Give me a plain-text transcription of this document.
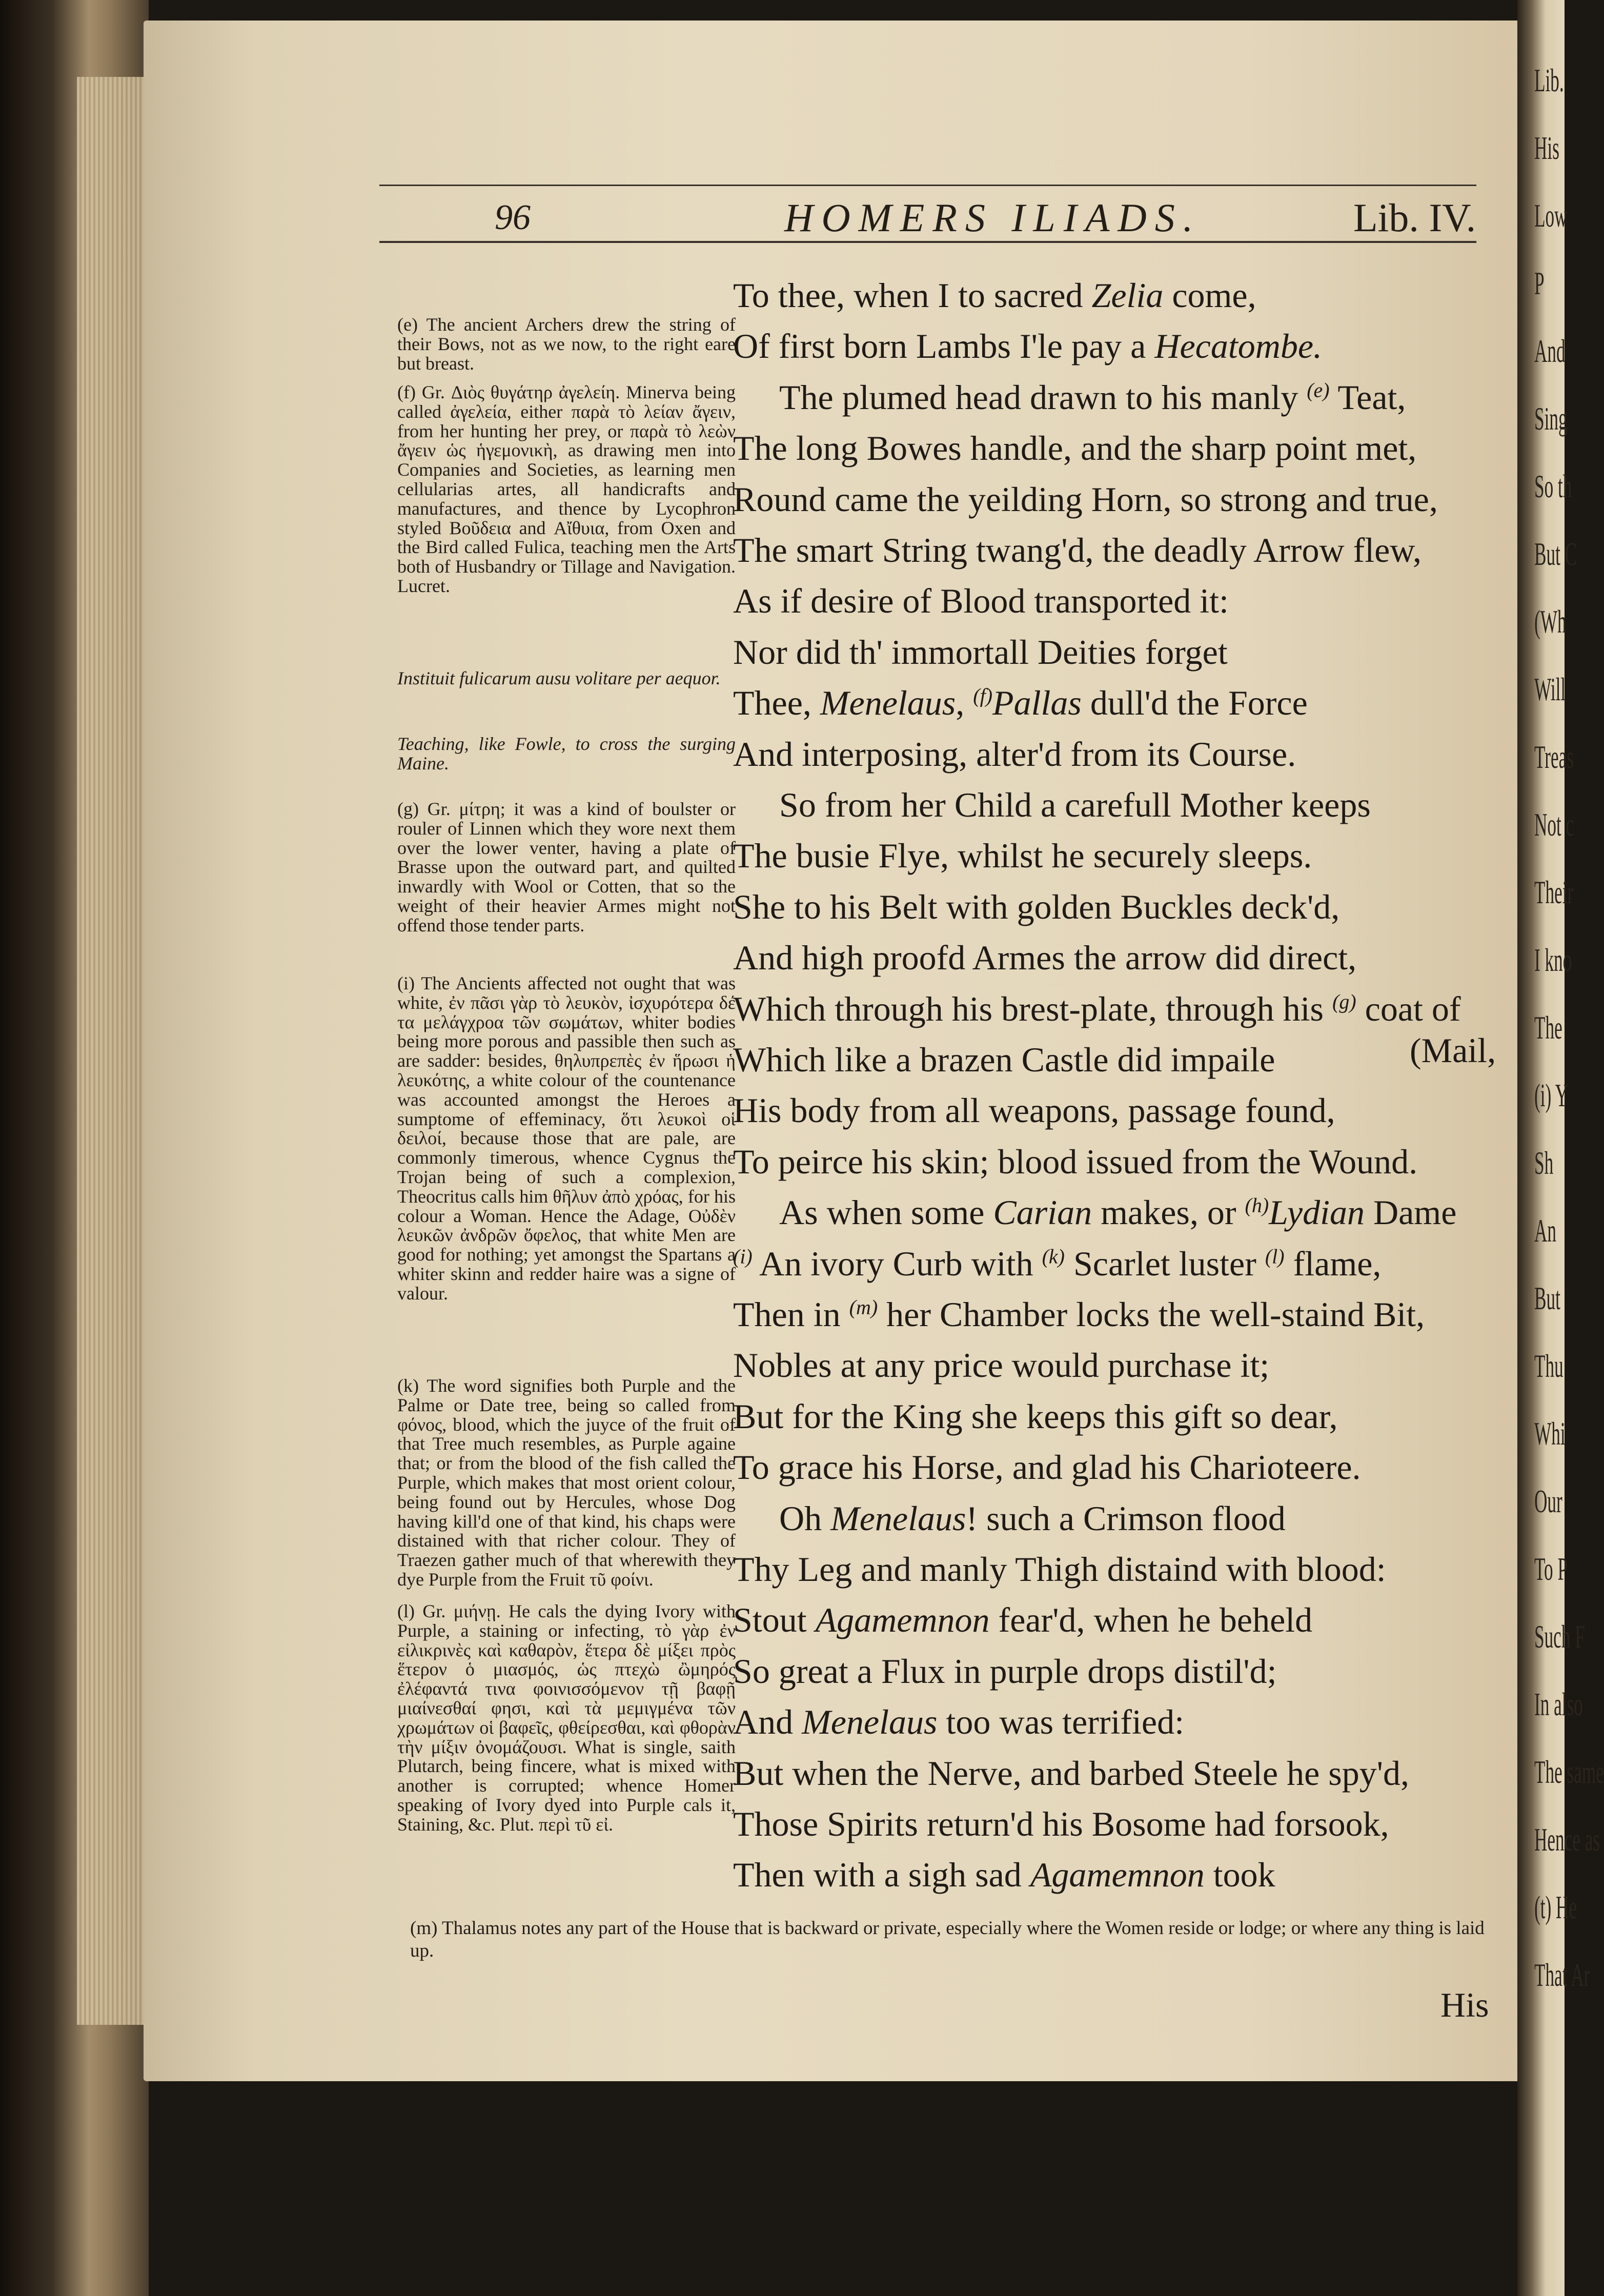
Lib.
His
Low
P
And
Sing
So th
But C
(Wh
Will
Treas
Not c
Their
I kno
The
(i) Y
Sh
An
But
Thu
Whi
Our
To P
Such F
In also
The same
Hence as
(t) He
That Ar
96	HOMERS ILIADS.	Lib. IV.
To thee, when I to sacred Zelia come,
Of first born Lambs I'le pay a Hecatombe.
The plumed head drawn to his manly $^{(e)}$ Teat,
The long Bowes handle, and the sharp point met,
Round came the yeilding Horn, so strong and true,
The smart String twang'd, the deadly Arrow flew,
As if desire of Blood transported it:
Nor did th' immortall Deities forget
Thee, Menelaus, $^{(f)}$Pallas dull'd the Force
And interposing, alter'd from its Course.
So from her Child a carefull Mother keeps
The busie Flye, whilst he securely sleeps.
She to his Belt with golden Buckles deck'd,
And high proofd Armes the arrow did direct,
Which through his brest-plate, through his $^{(g)}$ coat of
Which like a brazen Castle did impaile
His body from all weapons, passage found,
To peirce his skin; blood issued from the Wound.
As when some Carian makes, or $^{(h)}$Lydian Dame
$^{(i)}$ An ivory Curb with $^{(k)}$ Scarlet luster $^{(l)}$ flame,
Then in $^{(m)}$ her Chamber locks the well-staind Bit,
Nobles at any price would purchase it;
But for the King she keeps this gift so dear,
To grace his Horse, and glad his Charioteere.
Oh Menelaus! such a Crimson flood
Thy Leg and manly Thigh distaind with blood:
Stout Agamemnon fear'd, when he beheld
So great a Flux in purple drops distil'd;
And Menelaus too was terrified:
But when the Nerve, and barbed Steele he spy'd,
Those Spirits return'd his Bosome had forsook,
Then with a sigh sad Agamemnon took
(Mail,
(e) The ancient Archers drew the string of their Bows, not as we now, to the right eare but breast.
(f) Gr. Διὸς θυγάτηρ ἀγελείη. Minerva being called ἀγελεία, either παρὰ τὸ λείαν ἄγειν, from her hunting her prey, or παρὰ τὸ λεὼν ἄγειν ὡς ἡγεμονικὴ, as drawing men into Companies and Societies, as learning men cellularias artes, all handicrafts and manufactures, and thence by Lycophron styled Βοῦδεια and Αἴθυια, from Oxen and the Bird called Fulica, teaching men the Arts both of Husbandry or Tillage and Navigation. Lucret.
Instituit fulicarum ausu volitare per aequor.
Teaching, like Fowle, to cross the surging Maine.
(g) Gr. μίτρη; it was a kind of boulster or rouler of Linnen which they wore next them over the lower venter, having a plate of Brasse upon the outward part, and quilted inwardly with Wool or Cotten, that so the weight of their heavier Armes might not offend those tender parts.
(i) The Ancients affected not ought that was white, ἐν πᾶσι γὰρ τὸ λευκὸν, ἰσχυρότερα δέ τα μελάγχροα τῶν σωμάτων, whiter bodies being more porous and passible then such as are sadder: besides, θηλυπρεπὲς ἐν ἥρωσι ἡ λευκότης, a white colour of the countenance was accounted amongst the Heroes a sumptome of effeminacy, ὅτι λευκοὶ οἱ δειλοί, because those that are pale, are commonly timerous, whence Cygnus the Trojan being of such a complexion, Theocritus calls him θῆλυν ἀπὸ χρόας, for his colour a Woman. Hence the Adage, Οὐδὲν λευκῶν ἀνδρῶν ὄφελος, that white Men are good for nothing; yet amongst the Spartans a whiter skinn and redder haire was a signe of valour.
(k) The word signifies both Purple and the Palme or Date tree, being so called from φόνος, blood, which the juyce of the fruit of that Tree much resembles, as Purple againe that; or from the blood of the fish called the Purple, which makes that most orient colour, being found out by Hercules, whose Dog having kill'd one of that kind, his chaps were distained with that richer colour. They of Traezen gather much of that wherewith they dye Purple from the Fruit τῦ φοίνι.
(l) Gr. μιήνῃ. He cals the dying Ivory with Purple, a staining or infecting, τὸ γὰρ ἐν εἰλικρινὲς καὶ καθαρὸν, ἕτερα δὲ μίξει πρὸς ἕτερον ὁ μιασμός, ὡς πτεχὼ ὢμηρός ἐλέφαντά τινα φοινισσόμενον τῇ βαφῇ μιαίνεσθαί φησι, καὶ τὰ μεμιγμένα τῶν χρωμάτων οἱ βαφεῖς, φθείρεσθαι, καὶ φθορὰν τὴν μίξιν ὀνομάζουσι. What is single, saith Plutarch, being fincere, what is mixed with another is corrupted; whence Homer speaking of Ivory dyed into Purple cals it, Staining, &c. Plut. περὶ τῦ εἰ.
(m) Thalamus notes any part of the House that is backward or private, especially where the Women reside or lodge; or where any thing is laid up.
His
